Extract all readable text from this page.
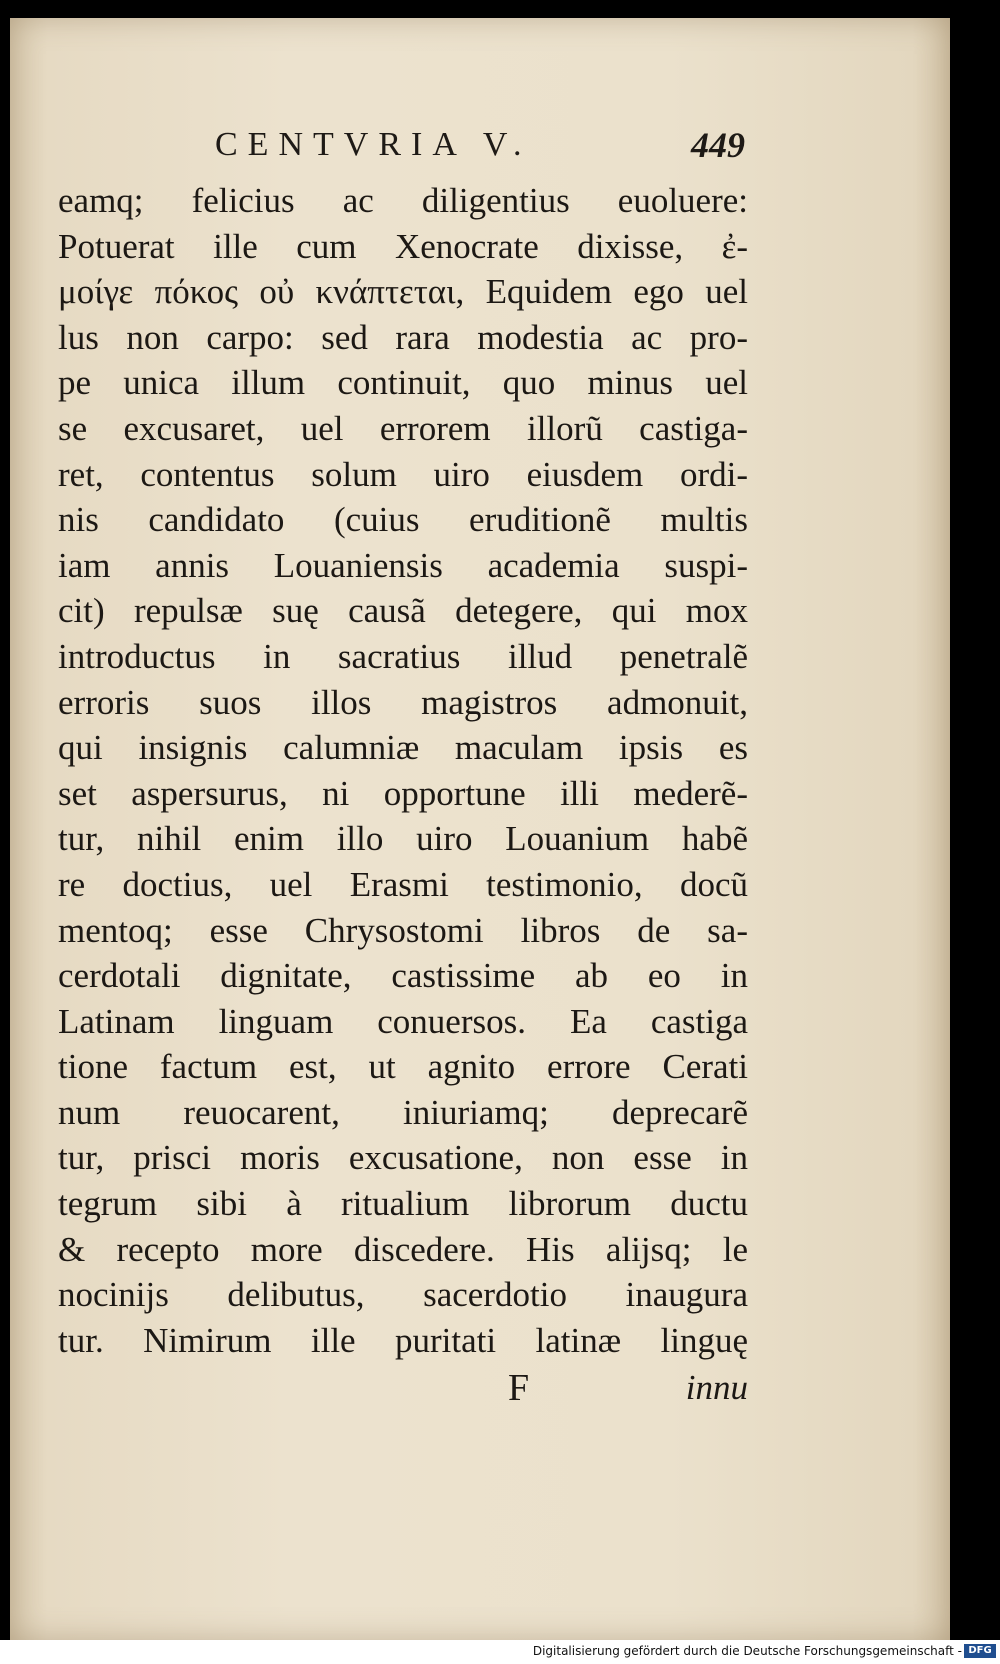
CENTVRIA V.	449
eamq; felicius ac diligentius euoluere:
Potuerat ille cum Xenocrate dixisse, ἐ-
μοίγε πόκος οὐ κνάπτεται, Equidem ego uel
lus non carpo: sed rara modestia ac pro-
pe unica illum continuit, quo minus uel
se excusaret, uel errorem illorũ castiga-
ret, contentus solum uiro eiusdem ordi-
nis candidato (cuius eruditionẽ multis
iam annis Louaniensis academia suspi-
cit) repulsæ suę causã detegere, qui mox
introductus in sacratius illud penetralẽ
erroris suos illos magistros admonuit,
qui insignis calumniæ maculam ipsis es
set aspersurus, ni opportune illi mederẽ-
tur, nihil enim illo uiro Louanium habẽ
re doctius, uel Erasmi testimonio, docũ
mentoq; esse Chrysostomi libros de sa-
cerdotali dignitate, castissime ab eo in
Latinam linguam conuersos. Ea castiga
tione factum est, ut agnito errore Cerati
num reuocarent, iniuriamq; deprecarẽ
tur, prisci moris excusatione, non esse in
tegrum sibi à ritualium librorum ductu
& recepto more discedere. His alijsq; le
nocinijs delibutus, sacerdotio inaugura
tur. Nimirum ille puritati latinæ linguę
F	innu
Digitalisierung gefördert durch die Deutsche Forschungsgemeinschaft - DFG
